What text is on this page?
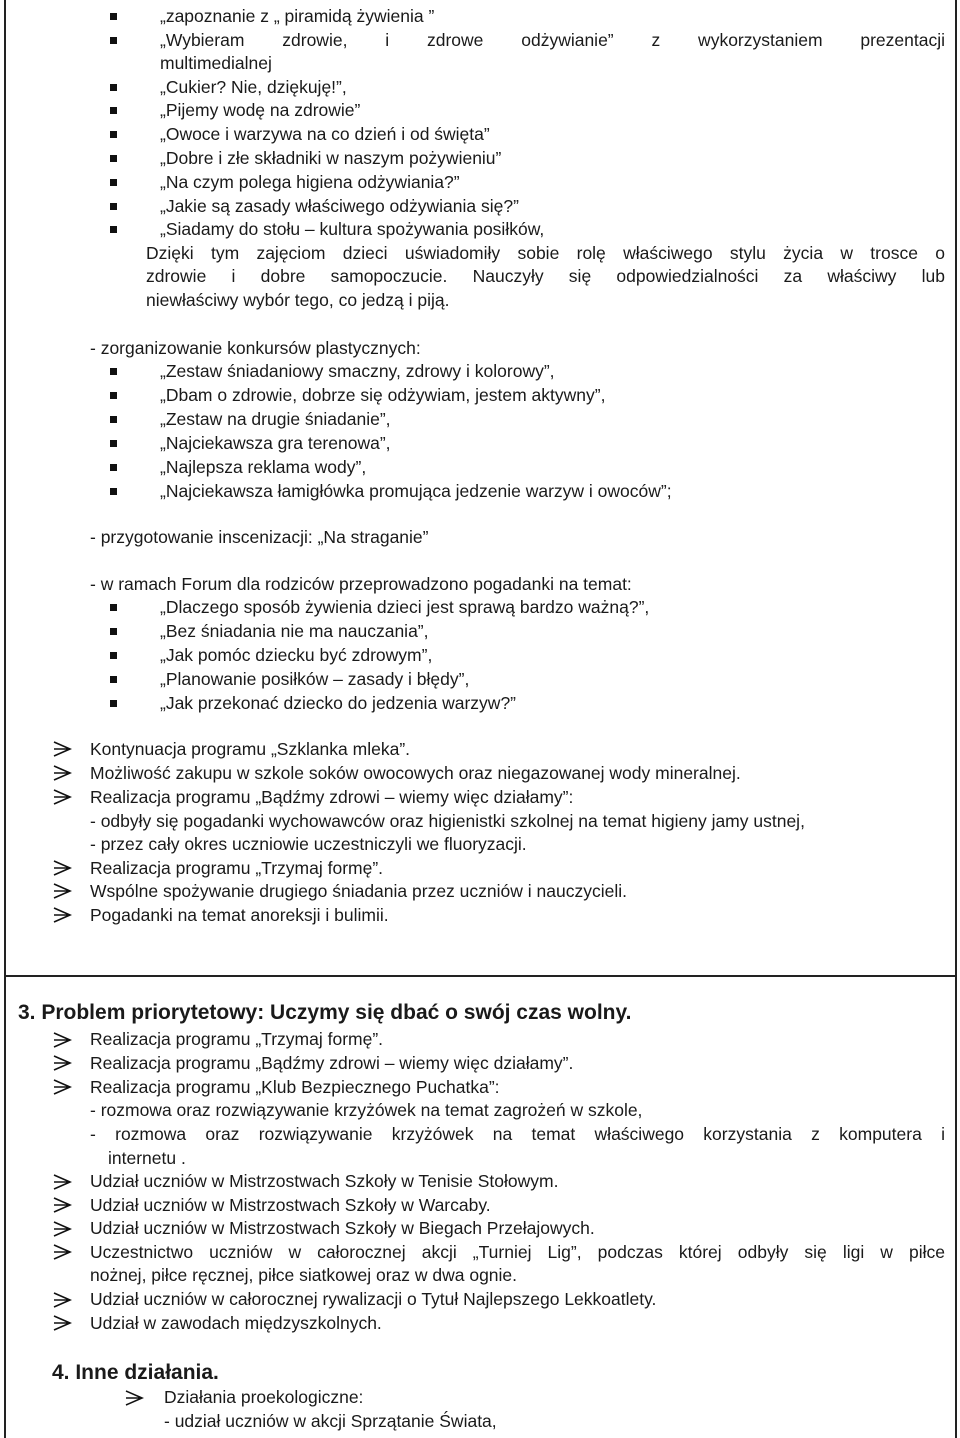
„zapoznanie z „ piramidą żywienia ”
„Wybieram zdrowie, i zdrowe odżywianie” z wykorzystaniem prezentacji
multimedialnej
„Cukier? Nie, dziękuję!”,
„Pijemy wodę na zdrowie”
„Owoce i warzywa na co dzień i od święta”
„Dobre i złe składniki w naszym pożywieniu”
„Na czym polega higiena odżywiania?”
„Jakie są zasady właściwego odżywiania się?”
„Siadamy do stołu – kultura spożywania posiłków,
Dzięki tym zajęciom dzieci uświadomiły sobie rolę właściwego stylu życia w trosce o
zdrowie i dobre samopoczucie. Nauczyły się odpowiedzialności za właściwy lub
niewłaściwy wybór tego, co jedzą i piją.
- zorganizowanie konkursów plastycznych:
„Zestaw śniadaniowy smaczny, zdrowy i kolorowy”,
„Dbam o zdrowie, dobrze się odżywiam, jestem aktywny”,
„Zestaw na drugie śniadanie”,
„Najciekawsza gra terenowa”,
„Najlepsza reklama wody”,
„Najciekawsza łamigłówka promująca jedzenie warzyw i owoców”;
- przygotowanie inscenizacji: „Na straganie”
- w ramach Forum dla rodziców przeprowadzono pogadanki na temat:
„Dlaczego sposób żywienia dzieci jest sprawą bardzo ważną?”,
„Bez śniadania nie ma nauczania”,
„Jak pomóc dziecku być zdrowym”,
„Planowanie posiłków – zasady i błędy”,
„Jak przekonać dziecko do jedzenia warzyw?”
Kontynuacja programu „Szklanka mleka”.
Możliwość zakupu w szkole soków owocowych oraz niegazowanej wody mineralnej.
Realizacja programu „Bądźmy zdrowi – wiemy więc działamy”:
- odbyły się pogadanki wychowawców oraz higienistki szkolnej na temat higieny jamy ustnej,
- przez cały okres uczniowie uczestniczyli we fluoryzacji.
Realizacja programu „Trzymaj formę”.
Wspólne spożywanie drugiego śniadania przez uczniów i nauczycieli.
Pogadanki na temat anoreksji i bulimii.
3. Problem priorytetowy: Uczymy się dbać o swój czas wolny.
Realizacja programu „Trzymaj formę”.
Realizacja programu „Bądźmy zdrowi – wiemy więc działamy”.
Realizacja programu „Klub Bezpiecznego Puchatka”:
- rozmowa oraz rozwiązywanie krzyżówek na temat zagrożeń w szkole,
- rozmowa oraz rozwiązywanie krzyżówek na temat właściwego korzystania z komputera i
internetu .
Udział uczniów w Mistrzostwach Szkoły w Tenisie Stołowym.
Udział uczniów w Mistrzostwach Szkoły w Warcaby.
Udział uczniów w Mistrzostwach Szkoły w Biegach Przełajowych.
Uczestnictwo uczniów w całorocznej akcji „Turniej Lig”, podczas której odbyły się ligi w piłce
nożnej, piłce ręcznej, piłce siatkowej oraz w dwa ognie.
Udział uczniów w całorocznej rywalizacji o Tytuł Najlepszego Lekkoatlety.
Udział w zawodach międzyszkolnych.
4. Inne działania.
Działania proekologiczne:
- udział uczniów w akcji Sprzątanie Świata,
